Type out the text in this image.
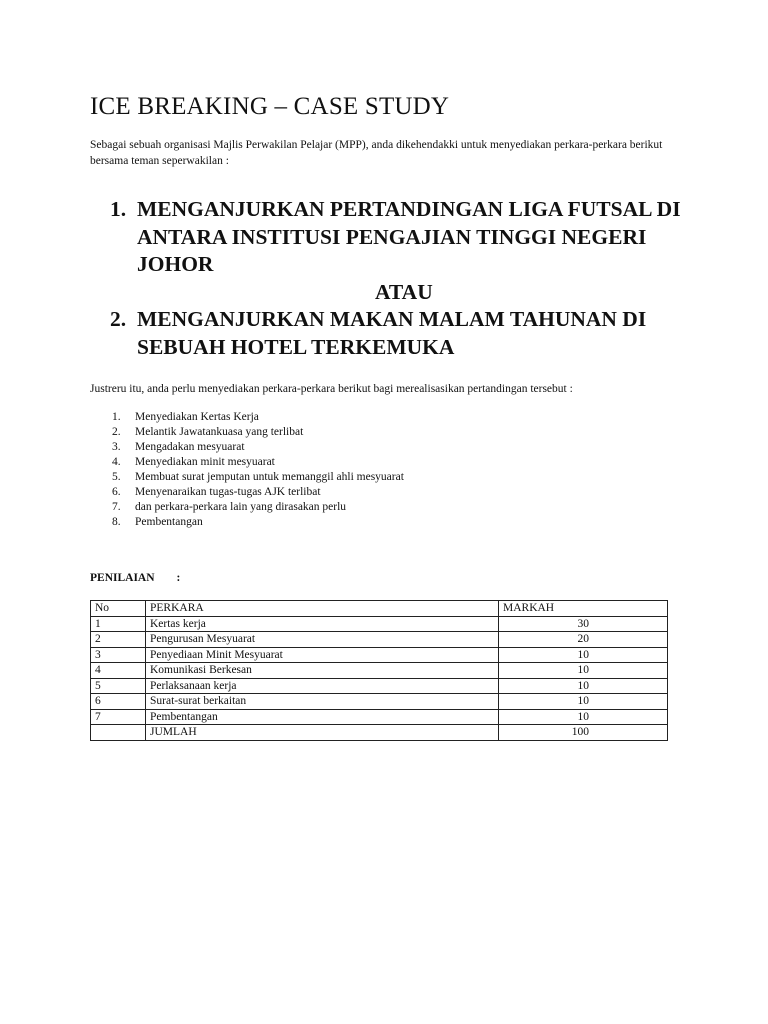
ICE BREAKING – CASE STUDY

Sebagai sebuah organisasi Majlis Perwakilan Pelajar (MPP), anda dikehendakki untuk menyediakan perkara-perkara berikut bersama teman seperwakilan :

1. MENGANJURKAN PERTANDINGAN LIGA FUTSAL DI ANTARA INSTITUSI PENGAJIAN TINGGI NEGERI JOHOR
ATAU
2. MENGANJURKAN MAKAN MALAM TAHUNAN DI SEBUAH HOTEL TERKEMUKA

Justreru itu, anda perlu menyediakan perkara-perkara berikut bagi merealisasikan pertandingan tersebut :

1.	Menyediakan Kertas Kerja
2.	Melantik Jawatankuasa yang terlibat
3.	Mengadakan mesyuarat
4.	Menyediakan minit mesyuarat
5.	Membuat surat jemputan untuk memanggil ahli mesyuarat
6.	Menyenaraikan tugas-tugas AJK terlibat
7.	dan perkara-perkara lain yang dirasakan perlu
8.	Pembentangan
PENILAIAN :
No	PERKARA	MARKAH
1	Kertas kerja	30
2	Pengurusan Mesyuarat	20
3	Penyediaan Minit Mesyuarat	10
4	Komunikasi Berkesan	10
5	Perlaksanaan kerja	10
6	Surat-surat berkaitan	10
7	Pembentangan	10
	JUMLAH	100
